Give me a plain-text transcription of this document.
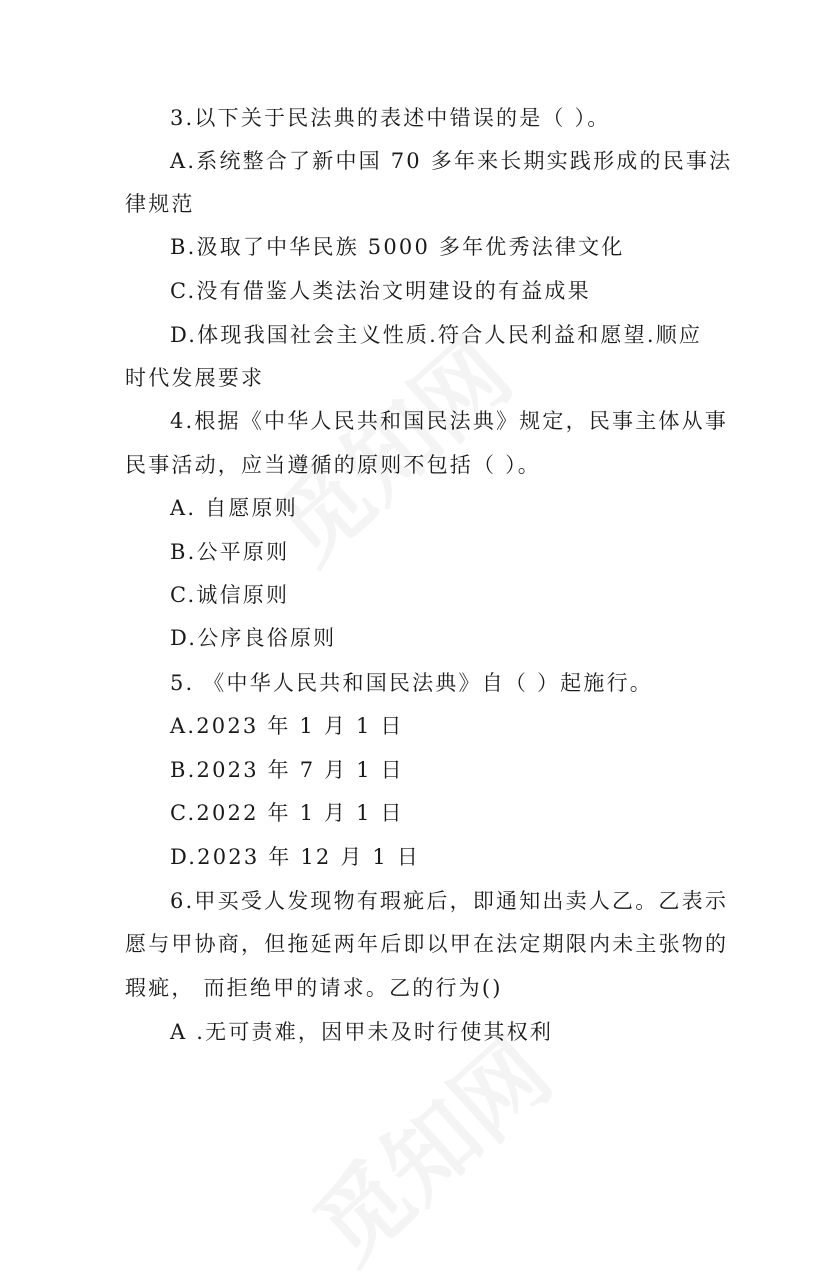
3.以下关于民法典的表述中错误的是（ ）。
A.系统整合了新中国 70 多年来长期实践形成的民事法
律规范
B.汲取了中华民族 5000 多年优秀法律文化
C.没有借鉴人类法治文明建设的有益成果
D.体现我国社会主义性质.符合人民利益和愿望.顺应
时代发展要求
4.根据《中华人民共和国民法典》规定，民事主体从事
民事活动，应当遵循的原则不包括（ ）。
A. 自愿原则
B.公平原则
C.诚信原则
D.公序良俗原则
5. 《中华人民共和国民法典》自（ ）起施行。
A.2023 年 1 月 1 日
B.2023 年 7 月 1 日
C.2022 年 1 月 1 日
D.2023 年 12 月 1 日
6.甲买受人发现物有瑕疵后，即通知出卖人乙。乙表示
愿与甲协商，但拖延两年后即以甲在法定期限内未主张物的
瑕疵， 而拒绝甲的请求。乙的行为()
A .无可责难，因甲未及时行使其权利
